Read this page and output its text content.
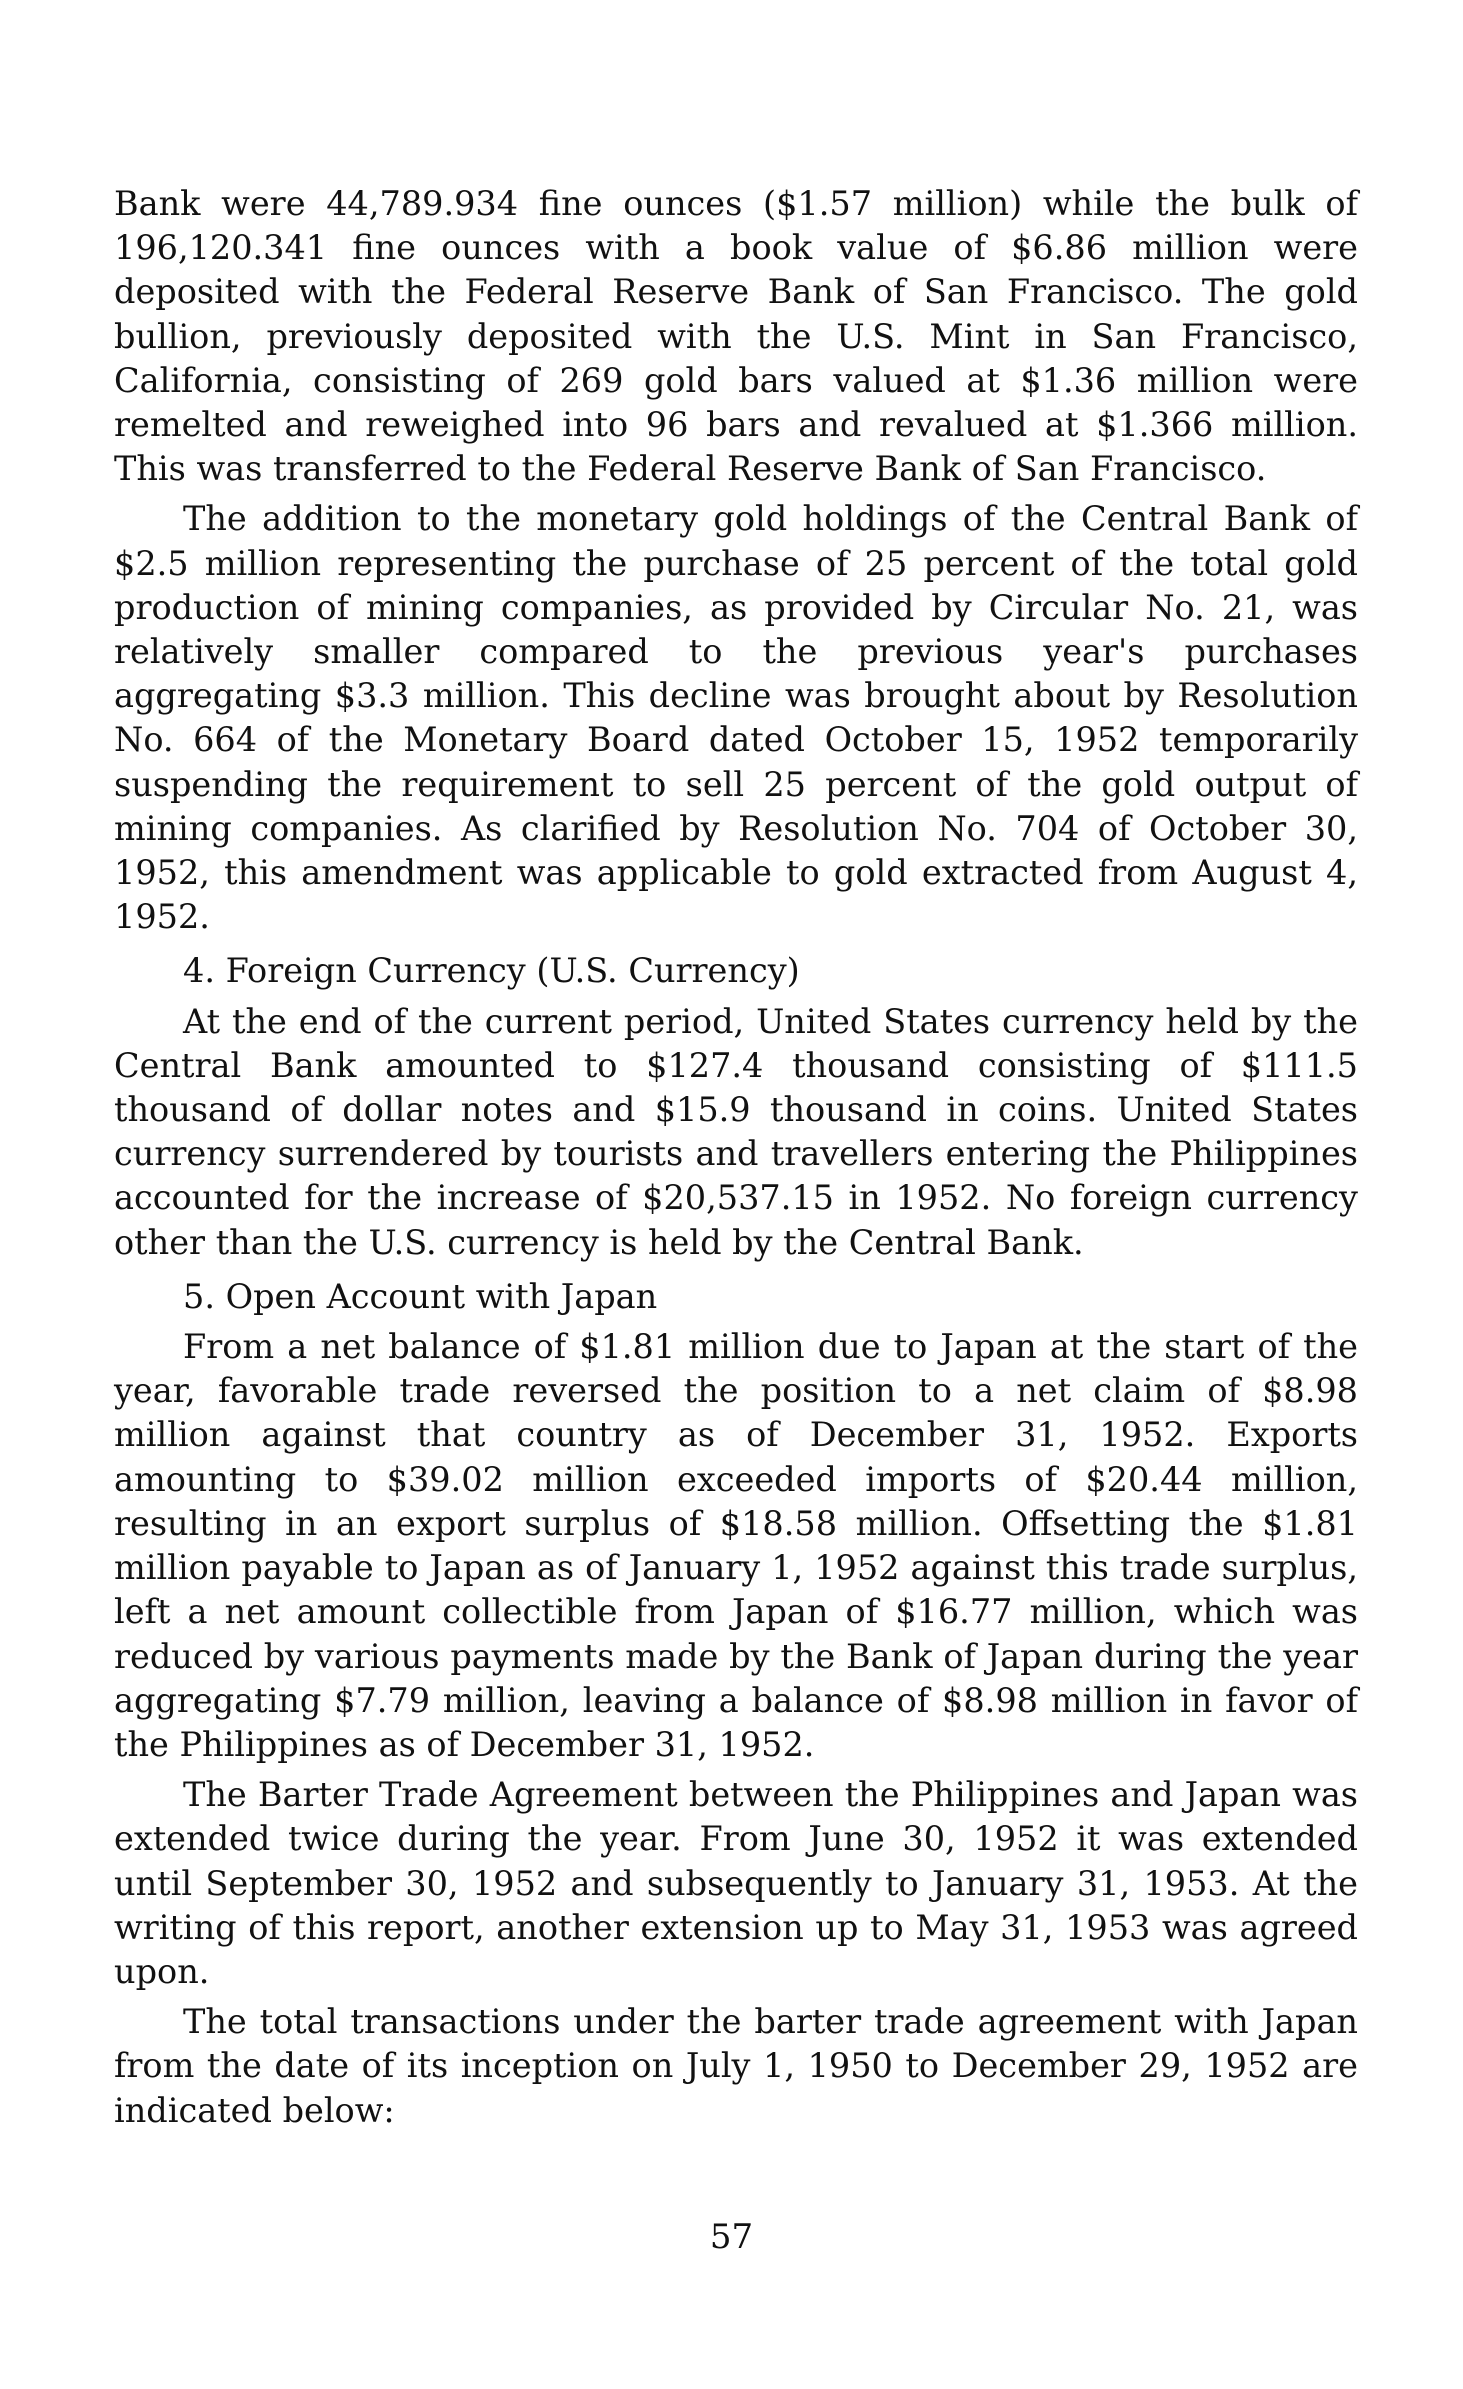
Bank were 44,789.934 fine ounces ($1.57 million) while the bulk of 196,120.341 fine ounces with a book value of $6.86 million were deposited with the Federal Reserve Bank of San Francisco. The gold bullion, previously deposited with the U.S. Mint in San Francisco, California, consisting of 269 gold bars valued at $1.36 million were remelted and reweighed into 96 bars and revalued at $1.366 million. This was transferred to the Federal Reserve Bank of San Francisco.

The addition to the monetary gold holdings of the Central Bank of $2.5 million representing the purchase of 25 percent of the total gold production of mining companies, as provided by Circular No. 21, was relatively smaller compared to the previous year's purchases aggregating $3.3 million. This decline was brought about by Resolution No. 664 of the Monetary Board dated October 15, 1952 temporarily suspending the requirement to sell 25 percent of the gold output of mining companies. As clarified by Resolution No. 704 of October 30, 1952, this amendment was applicable to gold extracted from August 4, 1952.

4. Foreign Currency (U.S. Currency)

At the end of the current period, United States currency held by the Central Bank amounted to $127.4 thousand consisting of $111.5 thousand of dollar notes and $15.9 thousand in coins. United States currency surrendered by tourists and travellers entering the Philippines accounted for the increase of $20,537.15 in 1952. No foreign currency other than the U.S. currency is held by the Central Bank.

5. Open Account with Japan

From a net balance of $1.81 million due to Japan at the start of the year, favorable trade reversed the position to a net claim of $8.98 million against that country as of December 31, 1952. Exports amounting to $39.02 million exceeded imports of $20.44 million, resulting in an export surplus of $18.58 million. Offsetting the $1.81 million payable to Japan as of January 1, 1952 against this trade surplus, left a net amount collectible from Japan of $16.77 million, which was reduced by various payments made by the Bank of Japan during the year aggregating $7.79 million, leaving a balance of $8.98 million in favor of the Philippines as of December 31, 1952.

The Barter Trade Agreement between the Philippines and Japan was extended twice during the year. From June 30, 1952 it was extended until September 30, 1952 and subsequently to January 31, 1953. At the writing of this report, another extension up to May 31, 1953 was agreed upon.

The total transactions under the barter trade agreement with Japan from the date of its inception on July 1, 1950 to December 29, 1952 are indicated below:

57
